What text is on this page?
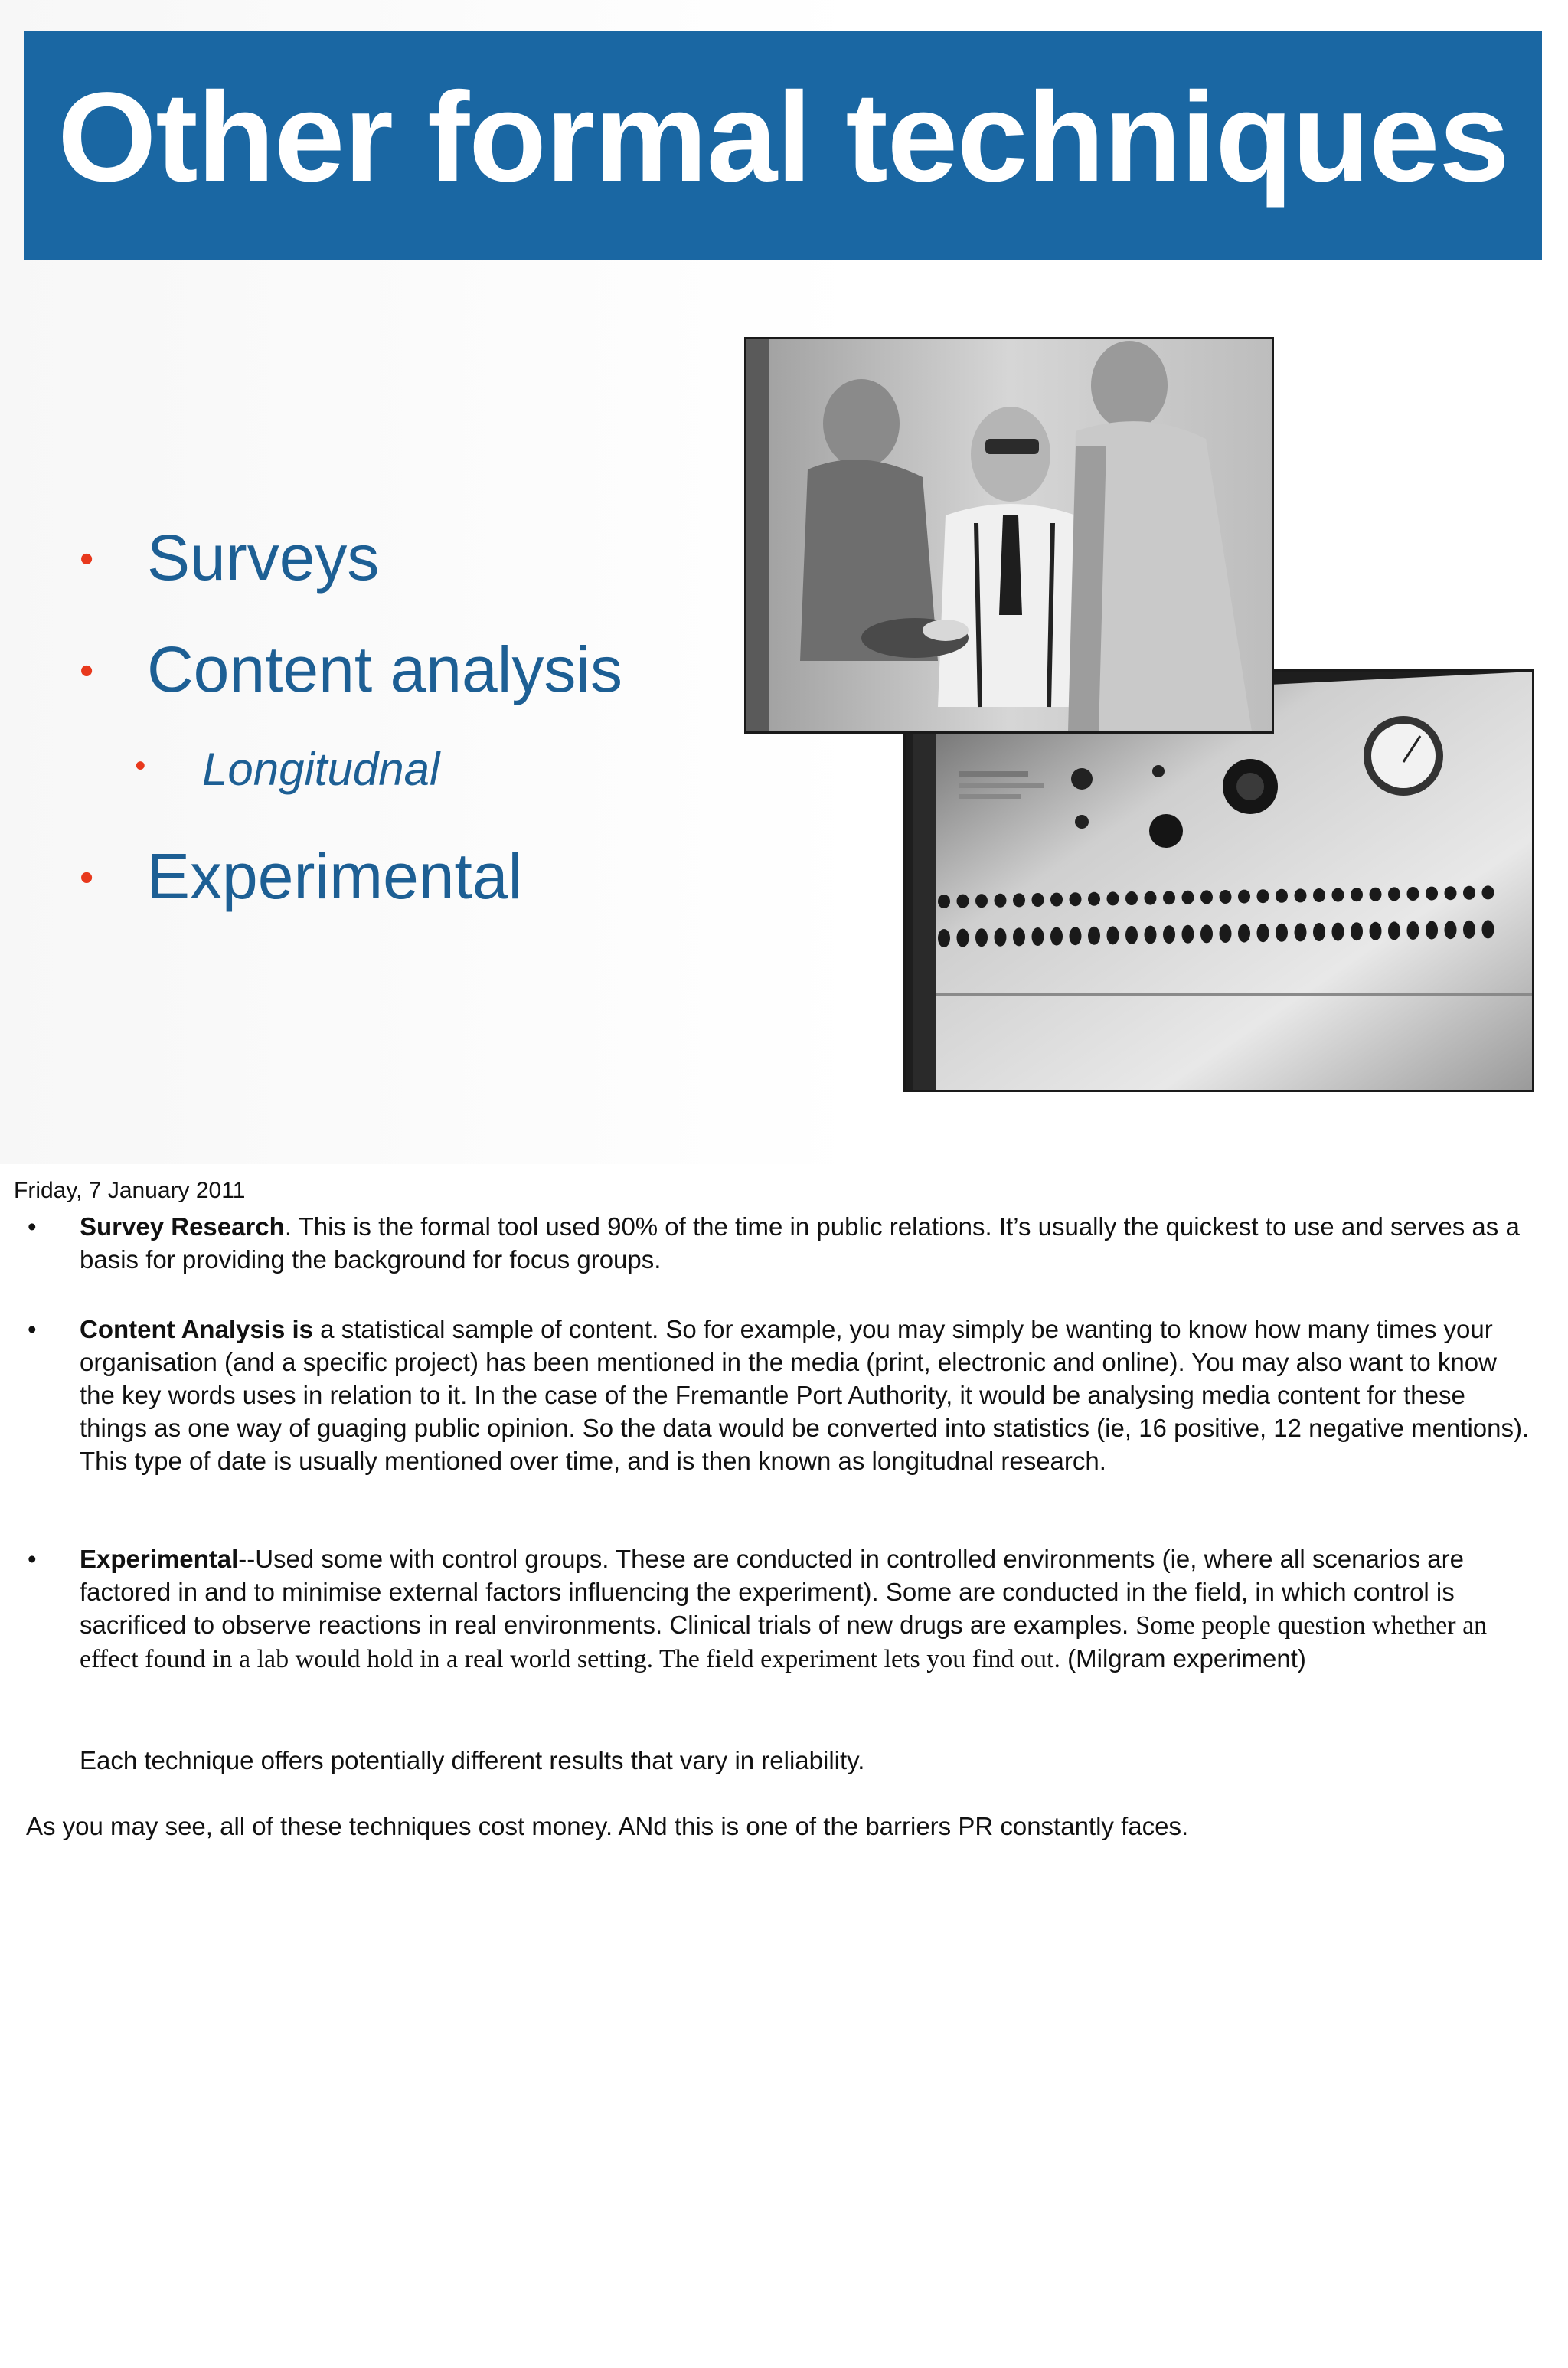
Other formal techniques
• Surveys
• Content analysis
• Longitudnal
• Experimental
Friday, 7 January 2011
• Survey Research. This is the formal tool used 90% of the time in public relations. It’s usually the quickest to use and serves as a basis for providing the background for focus groups.
• Content Analysis is a statistical sample of content. So for example, you may simply be wanting to know how many times your organisation (and a specific project) has been mentioned in the media (print, electronic and online). You may also want to know the key words uses in relation to it. In the case of the Fremantle Port Authority, it would be analysing media content for these things as one way of guaging public opinion. So the data would be converted into statistics (ie, 16 positive, 12 negative mentions). This type of date is usually mentioned over time, and is then known as longitudnal research.
• Experimental--Used some with control groups. These are conducted in controlled environments (ie, where all scenarios are factored in and to minimise external factors influencing the experiment). Some are conducted in the field, in which control is sacrificed to observe reactions in real environments. Clinical trials of new drugs are examples. Some people question whether an effect found in a lab would hold in a real world setting. The field experiment lets you find out. (Milgram experiment)
Each technique offers potentially different results that vary in reliability.
As you may see, all of these techniques cost money. ANd this is one of the barriers PR constantly faces.
